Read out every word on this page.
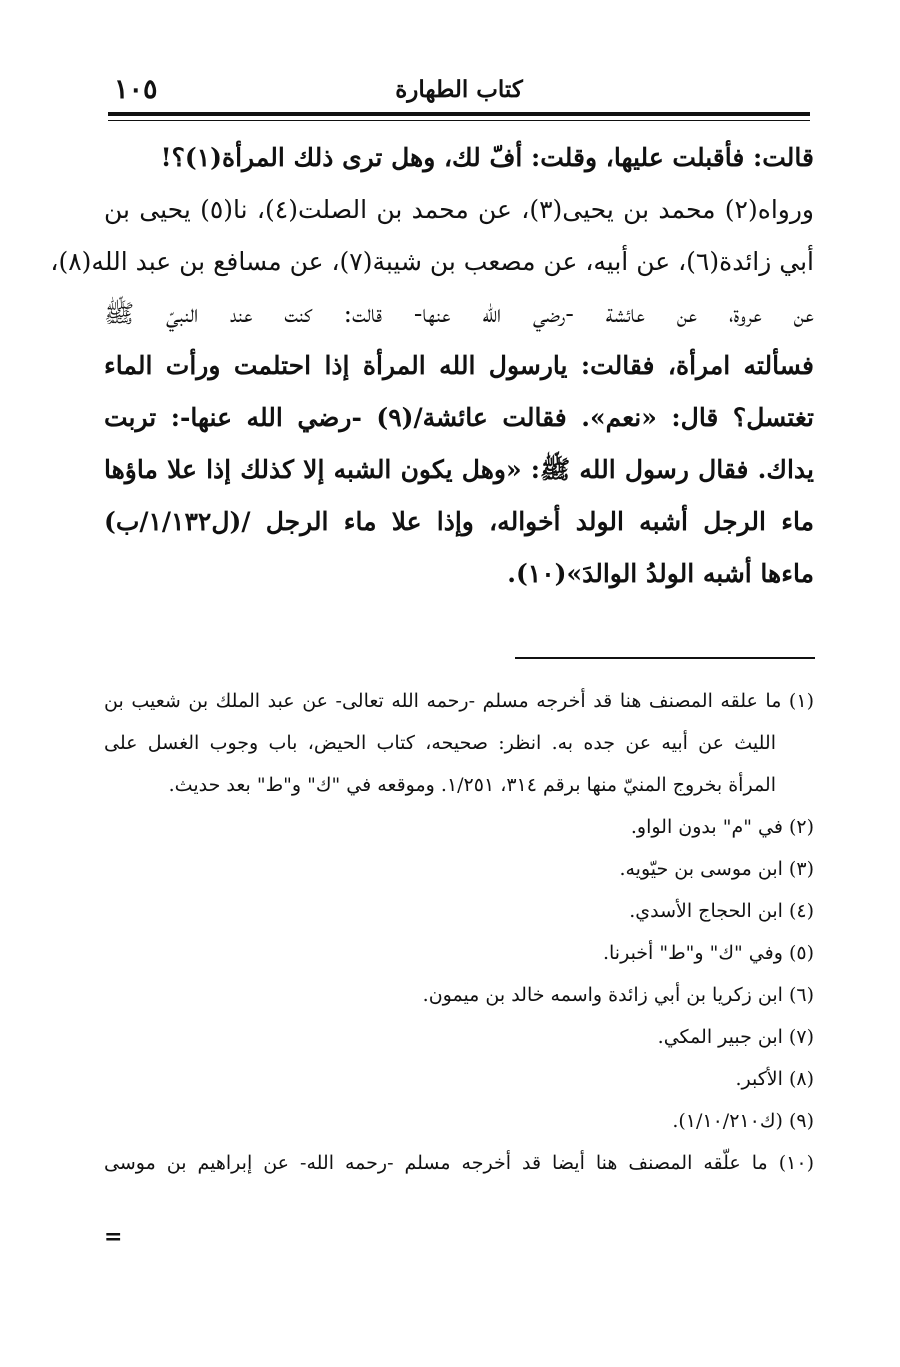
١٠٥	كتاب الطهارة
قالت: فأقبلت عليها، وقلت: أفّ لك، وهل ترى ذلك المرأة(١)؟!
ورواه(٢) محمد بن يحيى(٣)، عن محمد بن الصلت(٤)، نا(٥) يحيى بن
أبي زائدة(٦)، عن أبيه، عن مصعب بن شيبة(٧)، عن مسافع بن عبد الله(٨)،
عن عروة، عن عائشة -رضي الله عنها- قالت: كنت عند النبيّ ﷺ
فسألته امرأة، فقالت: يارسول الله المرأة إذا احتلمت ورأت الماء
تغتسل؟ قال: «نعم». فقالت عائشة/(٩) -رضي الله عنها-: تربت
يداك. فقال رسول الله ﷺ: «وهل يكون الشبه إلا كذلك إذا علا ماؤها
ماء الرجل أشبه الولد أخواله، وإذا علا ماء الرجل /(ل١/١٣٢/ب)
ماءها أشبه الولدُ الوالدَ»(١٠).
(١) ما علقه المصنف هنا قد أخرجه مسلم -رحمه الله تعالى- عن عبد الملك بن شعيب بن
الليث عن أبيه عن جده به. انظر: صحيحه، كتاب الحيض، باب وجوب الغسل على
المرأة بخروج المنيّ منها برقم ٣١٤، ١/٢٥١. وموقعه في "ك" و"ط" بعد حديث.
(٢) في "م" بدون الواو.
(٣) ابن موسى بن حيّويه.
(٤) ابن الحجاج الأسدي.
(٥) وفي "ك" و"ط" أخبرنا.
(٦) ابن زكريا بن أبي زائدة واسمه خالد بن ميمون.
(٧) ابن جبير المكي.
(٨) الأكبر.
(٩) (ك١/١٠/٢١٠).
(١٠) ما علّقه المصنف هنا أيضا قد أخرجه مسلم -رحمه الله- عن إبراهيم بن موسى
=
